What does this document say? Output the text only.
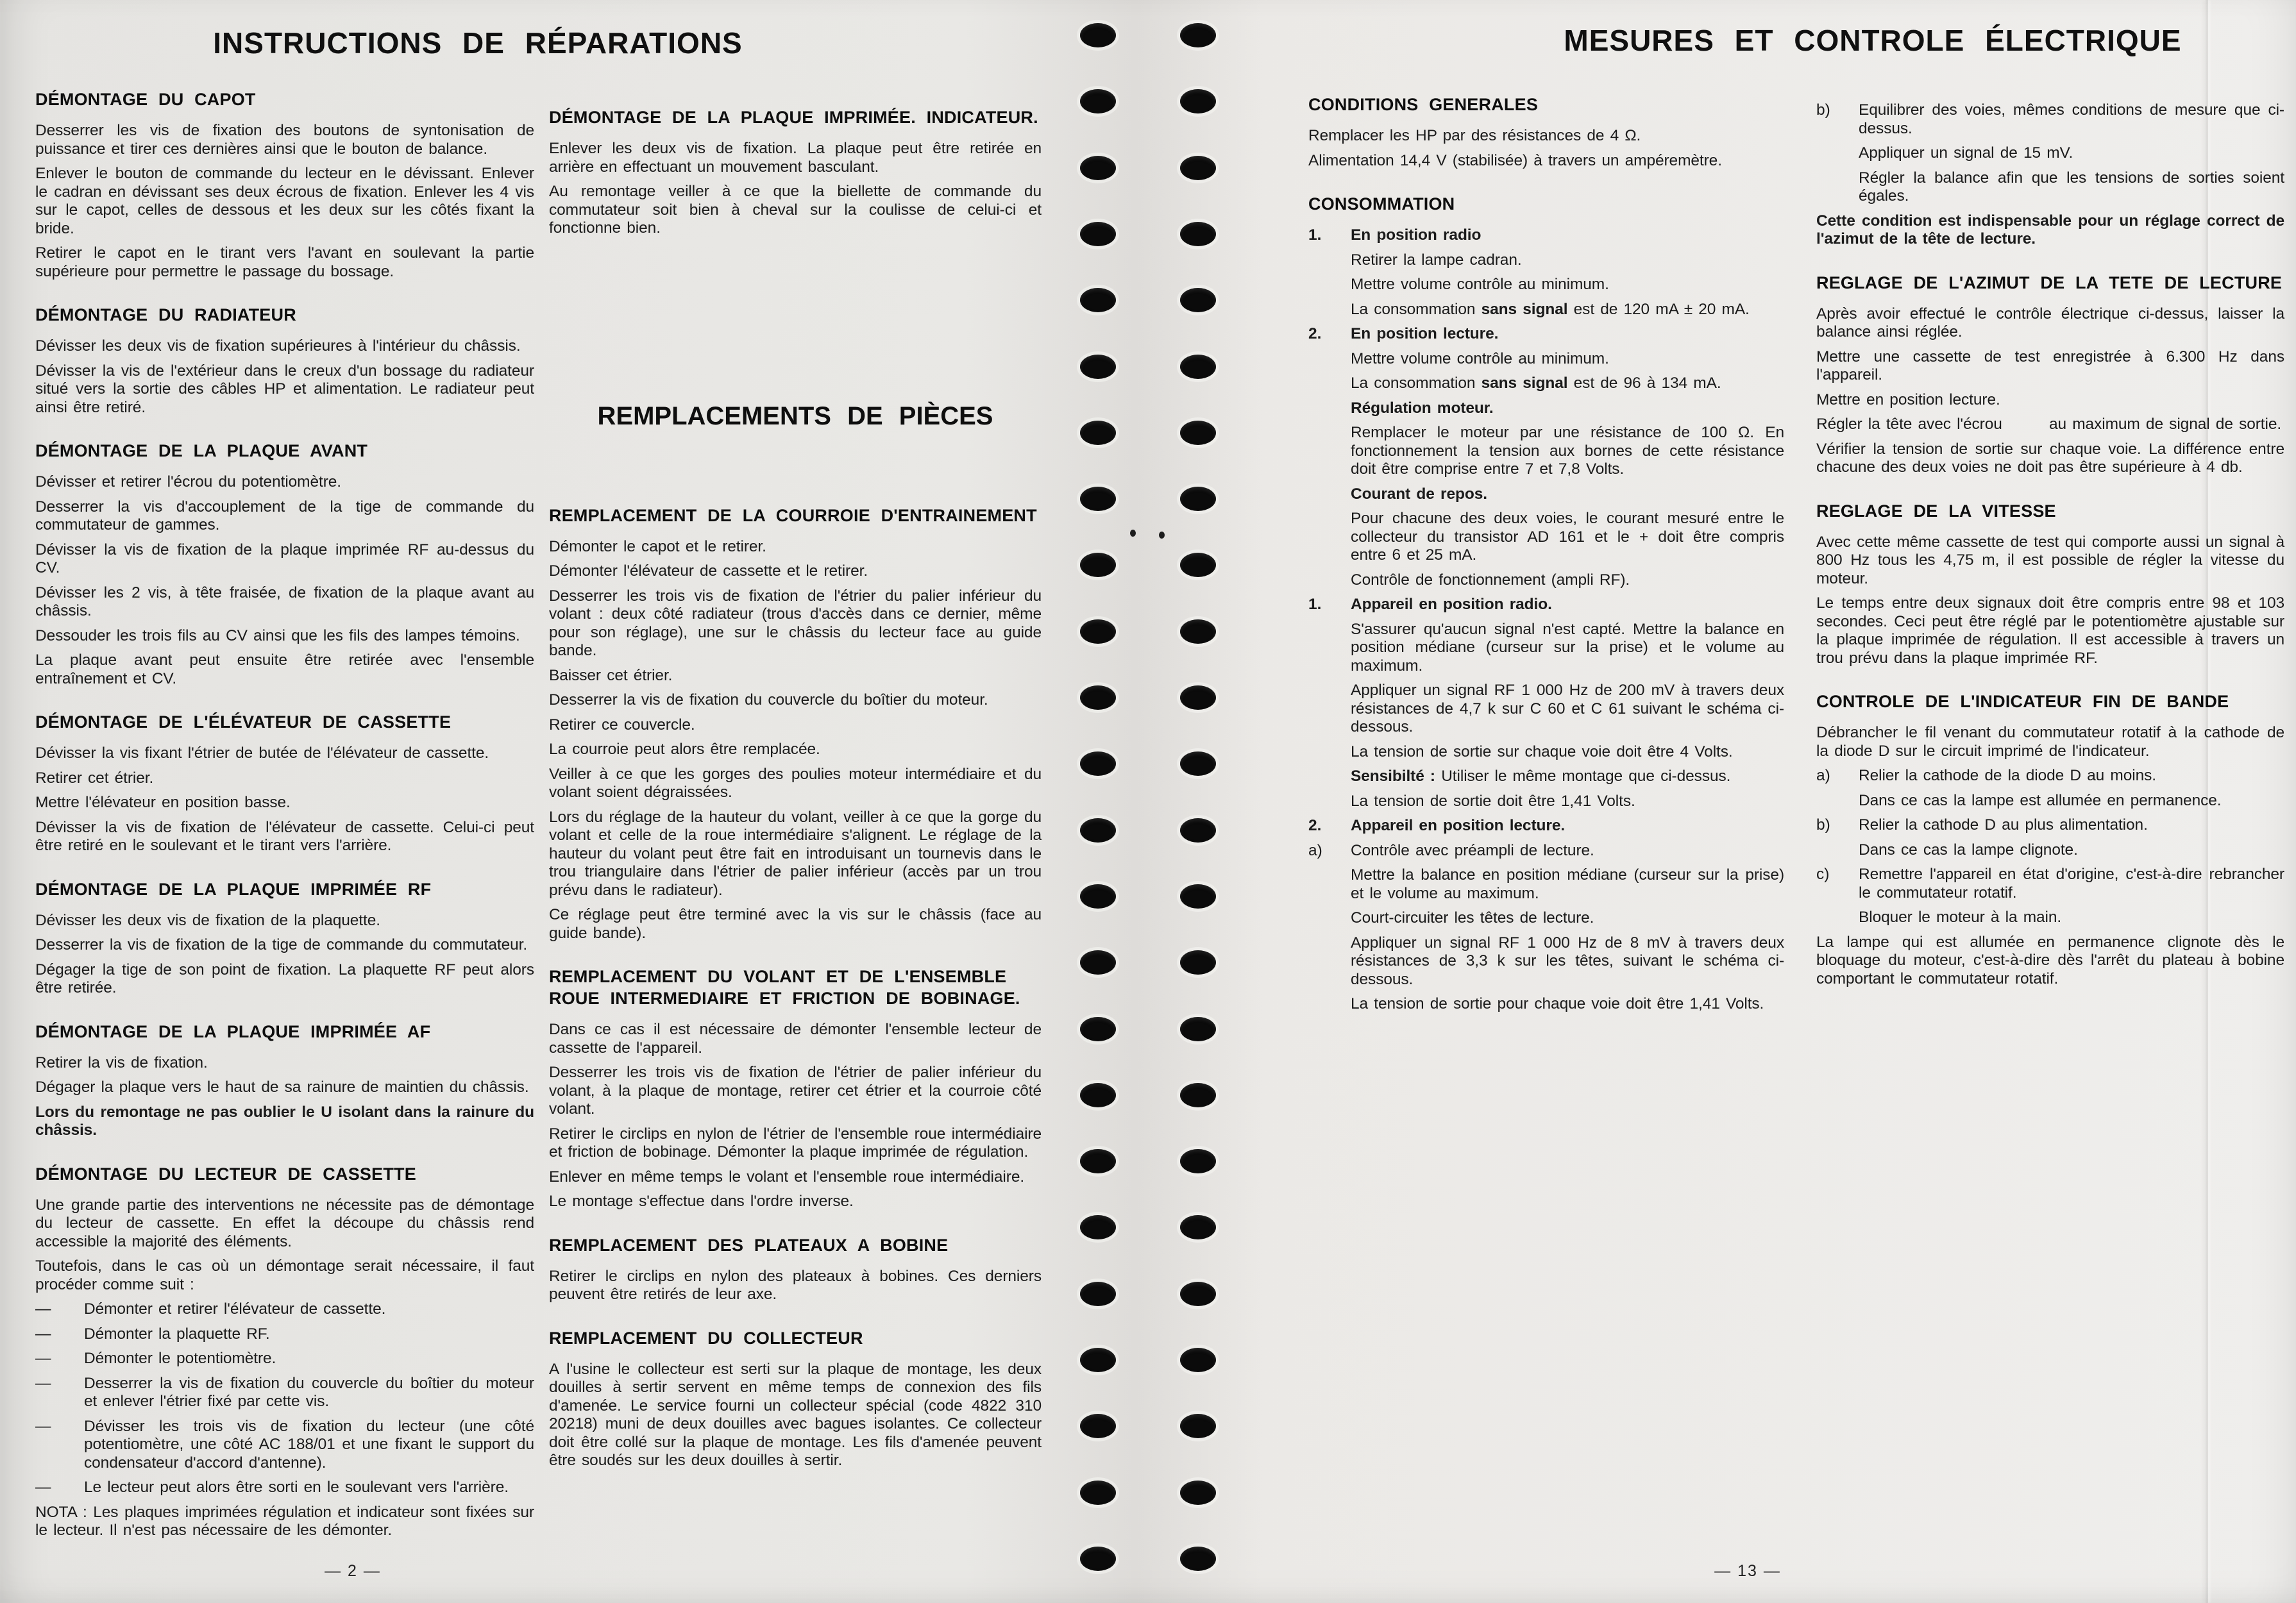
INSTRUCTIONS DE RÉPARATIONS
DÉMONTAGE DU CAPOT

Desserrer les vis de fixation des boutons de syntonisation de puissance et tirer ces dernières ainsi que le bouton de balance.

Enlever le bouton de commande du lecteur en le dévissant. Enlever le cadran en dévissant ses deux écrous de fixation. Enlever les 4 vis sur le capot, celles de dessous et les deux sur les côtés fixant la bride.

Retirer le capot en le tirant vers l'avant en soulevant la partie supérieure pour permettre le passage du bossage.

DÉMONTAGE DU RADIATEUR

Dévisser les deux vis de fixation supérieures à l'intérieur du châssis.

Dévisser la vis de l'extérieur dans le creux d'un bossage du radiateur situé vers la sortie des câbles HP et alimentation. Le radiateur peut ainsi être retiré.

DÉMONTAGE DE LA PLAQUE AVANT

Dévisser et retirer l'écrou du potentiomètre.

Desserrer la vis d'accouplement de la tige de commande du commutateur de gammes.

Dévisser la vis de fixation de la plaque imprimée RF au-dessus du CV.

Dévisser les 2 vis, à tête fraisée, de fixation de la plaque avant au châssis.

Dessouder les trois fils au CV ainsi que les fils des lampes témoins.

La plaque avant peut ensuite être retirée avec l'ensemble entraînement et CV.

DÉMONTAGE DE L'ÉLÉVATEUR DE CASSETTE

Dévisser la vis fixant l'étrier de butée de l'élévateur de cassette.

Retirer cet étrier.

Mettre l'élévateur en position basse.

Dévisser la vis de fixation de l'élévateur de cassette. Celui-ci peut être retiré en le soulevant et le tirant vers l'arrière.

DÉMONTAGE DE LA PLAQUE IMPRIMÉE RF

Dévisser les deux vis de fixation de la plaquette.

Desserrer la vis de fixation de la tige de commande du commutateur.

Dégager la tige de son point de fixation. La plaquette RF peut alors être retirée.

DÉMONTAGE DE LA PLAQUE IMPRIMÉE AF

Retirer la vis de fixation.

Dégager la plaque vers le haut de sa rainure de maintien du châssis.

Lors du remontage ne pas oublier le U isolant dans la rainure du châssis.

DÉMONTAGE DU LECTEUR DE CASSETTE

Une grande partie des interventions ne nécessite pas de démontage du lecteur de cassette. En effet la découpe du châssis rend accessible la majorité des éléments.

Toutefois, dans le cas où un démontage serait nécessaire, il faut procéder comme suit :

—	Démonter et retirer l'élévateur de cassette.
—	Démonter la plaquette RF.
—	Démonter le potentiomètre.
—	Desserrer la vis de fixation du couvercle du boîtier du moteur et enlever l'étrier fixé par cette vis.
—	Dévisser les trois vis de fixation du lecteur (une côté potentiomètre, une côté AC 188/01 et une fixant le support du condensateur d'accord d'antenne).
—	Le lecteur peut alors être sorti en le soulevant vers l'arrière.

NOTA : Les plaques imprimées régulation et indicateur sont fixées sur le lecteur. Il n'est pas nécessaire de les démonter.

DÉMONTAGE DE LA PLAQUE IMPRIMÉE. INDICATEUR.

Enlever les deux vis de fixation. La plaque peut être retirée en arrière en effectuant un mouvement basculant.

Au remontage veiller à ce que la biellette de commande du commutateur soit bien à cheval sur la coulisse de celui-ci et fonctionne bien.

REMPLACEMENTS DE PIÈCES
REMPLACEMENT DE LA COURROIE D'ENTRAINEMENT

Démonter le capot et le retirer.

Démonter l'élévateur de cassette et le retirer.

Desserrer les trois vis de fixation de l'étrier du palier inférieur du volant : deux côté radiateur (trous d'accès dans ce dernier, même pour son réglage), une sur le châssis du lecteur face au guide bande.

Baisser cet étrier.

Desserrer la vis de fixation du couvercle du boîtier du moteur.

Retirer ce couvercle.

La courroie peut alors être remplacée.

Veiller à ce que les gorges des poulies moteur intermédiaire et du volant soient dégraissées.

Lors du réglage de la hauteur du volant, veiller à ce que la gorge du volant et celle de la roue intermédiaire s'alignent. Le réglage de la hauteur du volant peut être fait en introduisant un tournevis dans le trou triangulaire dans l'étrier de palier inférieur (accès par un trou prévu dans le radiateur).

Ce réglage peut être terminé avec la vis sur le châssis (face au guide bande).

REMPLACEMENT DU VOLANT ET DE L'ENSEMBLE ROUE INTERMEDIAIRE ET FRICTION DE BOBINAGE.

Dans ce cas il est nécessaire de démonter l'ensemble lecteur de cassette de l'appareil.

Desserrer les trois vis de fixation de l'étrier de palier inférieur du volant, à la plaque de montage, retirer cet étrier et la courroie côté volant.

Retirer le circlips en nylon de l'étrier de l'ensemble roue intermédiaire et friction de bobinage. Démonter la plaque imprimée de régulation.

Enlever en même temps le volant et l'ensemble roue intermédiaire.

Le montage s'effectue dans l'ordre inverse.

REMPLACEMENT DES PLATEAUX A BOBINE

Retirer le circlips en nylon des plateaux à bobines. Ces derniers peuvent être retirés de leur axe.

REMPLACEMENT DU COLLECTEUR

A l'usine le collecteur est serti sur la plaque de montage, les deux douilles à sertir servent en même temps de connexion des fils d'amenée. Le service fourni un collecteur spécial (code 4822 310 20218) muni de deux douilles avec bagues isolantes. Ce collecteur doit être collé sur la plaque de montage. Les fils d'amenée peuvent être soudés sur les deux douilles à sertir.

— 2 —
MESURES ET CONTROLE ÉLECTRIQUE
CONDITIONS GENERALES

Remplacer les HP par des résistances de 4 Ω.

Alimentation 14,4 V (stabilisée) à travers un ampéremètre.

CONSOMMATION
1.	En position radio

Retirer la lampe cadran.

Mettre volume contrôle au minimum.

La consommation sans signal est de 120 mA ± 20 mA.

2.	En position lecture.

Mettre volume contrôle au minimum.

La consommation sans signal est de 96 à 134 mA.

Régulation moteur.

Remplacer le moteur par une résistance de 100 Ω. En fonctionnement la tension aux bornes de cette résistance doit être comprise entre 7 et 7,8 Volts.

Courant de repos.

Pour chacune des deux voies, le courant mesuré entre le collecteur du transistor AD 161 et le + doit être compris entre 6 et 25 mA.

Contrôle de fonctionnement (ampli RF).

1.	Appareil en position radio.

S'assurer qu'aucun signal n'est capté. Mettre la balance en position médiane (curseur sur la prise) et le volume au maximum.

Appliquer un signal RF 1 000 Hz de 200 mV à travers deux résistances de 4,7 k sur C 60 et C 61 suivant le schéma ci-dessous.

La tension de sortie sur chaque voie doit être 4 Volts.

Sensibilté : Utiliser le même montage que ci-dessus.

La tension de sortie doit être 1,41 Volts.

2.	Appareil en position lecture.
a)	Contrôle avec préampli de lecture.

Mettre la balance en position médiane (curseur sur la prise) et le volume au maximum.

Court-circuiter les têtes de lecture.

Appliquer un signal RF 1 000 Hz de 8 mV à travers deux résistances de 3,3 k sur les têtes, suivant le schéma ci-dessous.

La tension de sortie pour chaque voie doit être 1,41 Volts.

b)	Equilibrer des voies, mêmes conditions de mesure que ci-dessus.

Appliquer un signal de 15 mV.

Régler la balance afin que les tensions de sorties soient égales.

Cette condition est indispensable pour un réglage correct de l'azimut de la tête de lecture.

REGLAGE DE L'AZIMUT DE LA TETE DE LECTURE

Après avoir effectué le contrôle électrique ci-dessus, laisser la balance ainsi réglée.

Mettre une cassette de test enregistrée à 6.300 Hz dans l'appareil.

Mettre en position lecture.

Régler la tête avec l'écrou   au maximum de signal de sortie.

Vérifier la tension de sortie sur chaque voie. La différence entre chacune des deux voies ne doit pas être supérieure à 4 db.

REGLAGE DE LA VITESSE

Avec cette même cassette de test qui comporte aussi un signal à 800 Hz tous les 4,75 m, il est possible de régler la vitesse du moteur.

Le temps entre deux signaux doit être compris entre 98 et 103 secondes. Ceci peut être réglé par le potentiomètre ajustable sur la plaque imprimée de régulation. Il est accessible à travers un trou prévu dans la plaque imprimée RF.

CONTROLE DE L'INDICATEUR FIN DE BANDE

Débrancher le fil venant du commutateur rotatif à la cathode de la diode D sur le circuit imprimé de l'indicateur.

a)	Relier la cathode de la diode D au moins.

Dans ce cas la lampe est allumée en permanence.

b)	Relier la cathode D au plus alimentation.

Dans ce cas la lampe clignote.

c)	Remettre l'appareil en état d'origine, c'est-à-dire rebrancher le commutateur rotatif.

Bloquer le moteur à la main.

La lampe qui est allumée en permanence clignote dès le bloquage du moteur, c'est-à-dire dès l'arrêt du plateau à bobine comportant le commutateur rotatif.

— 13 —
